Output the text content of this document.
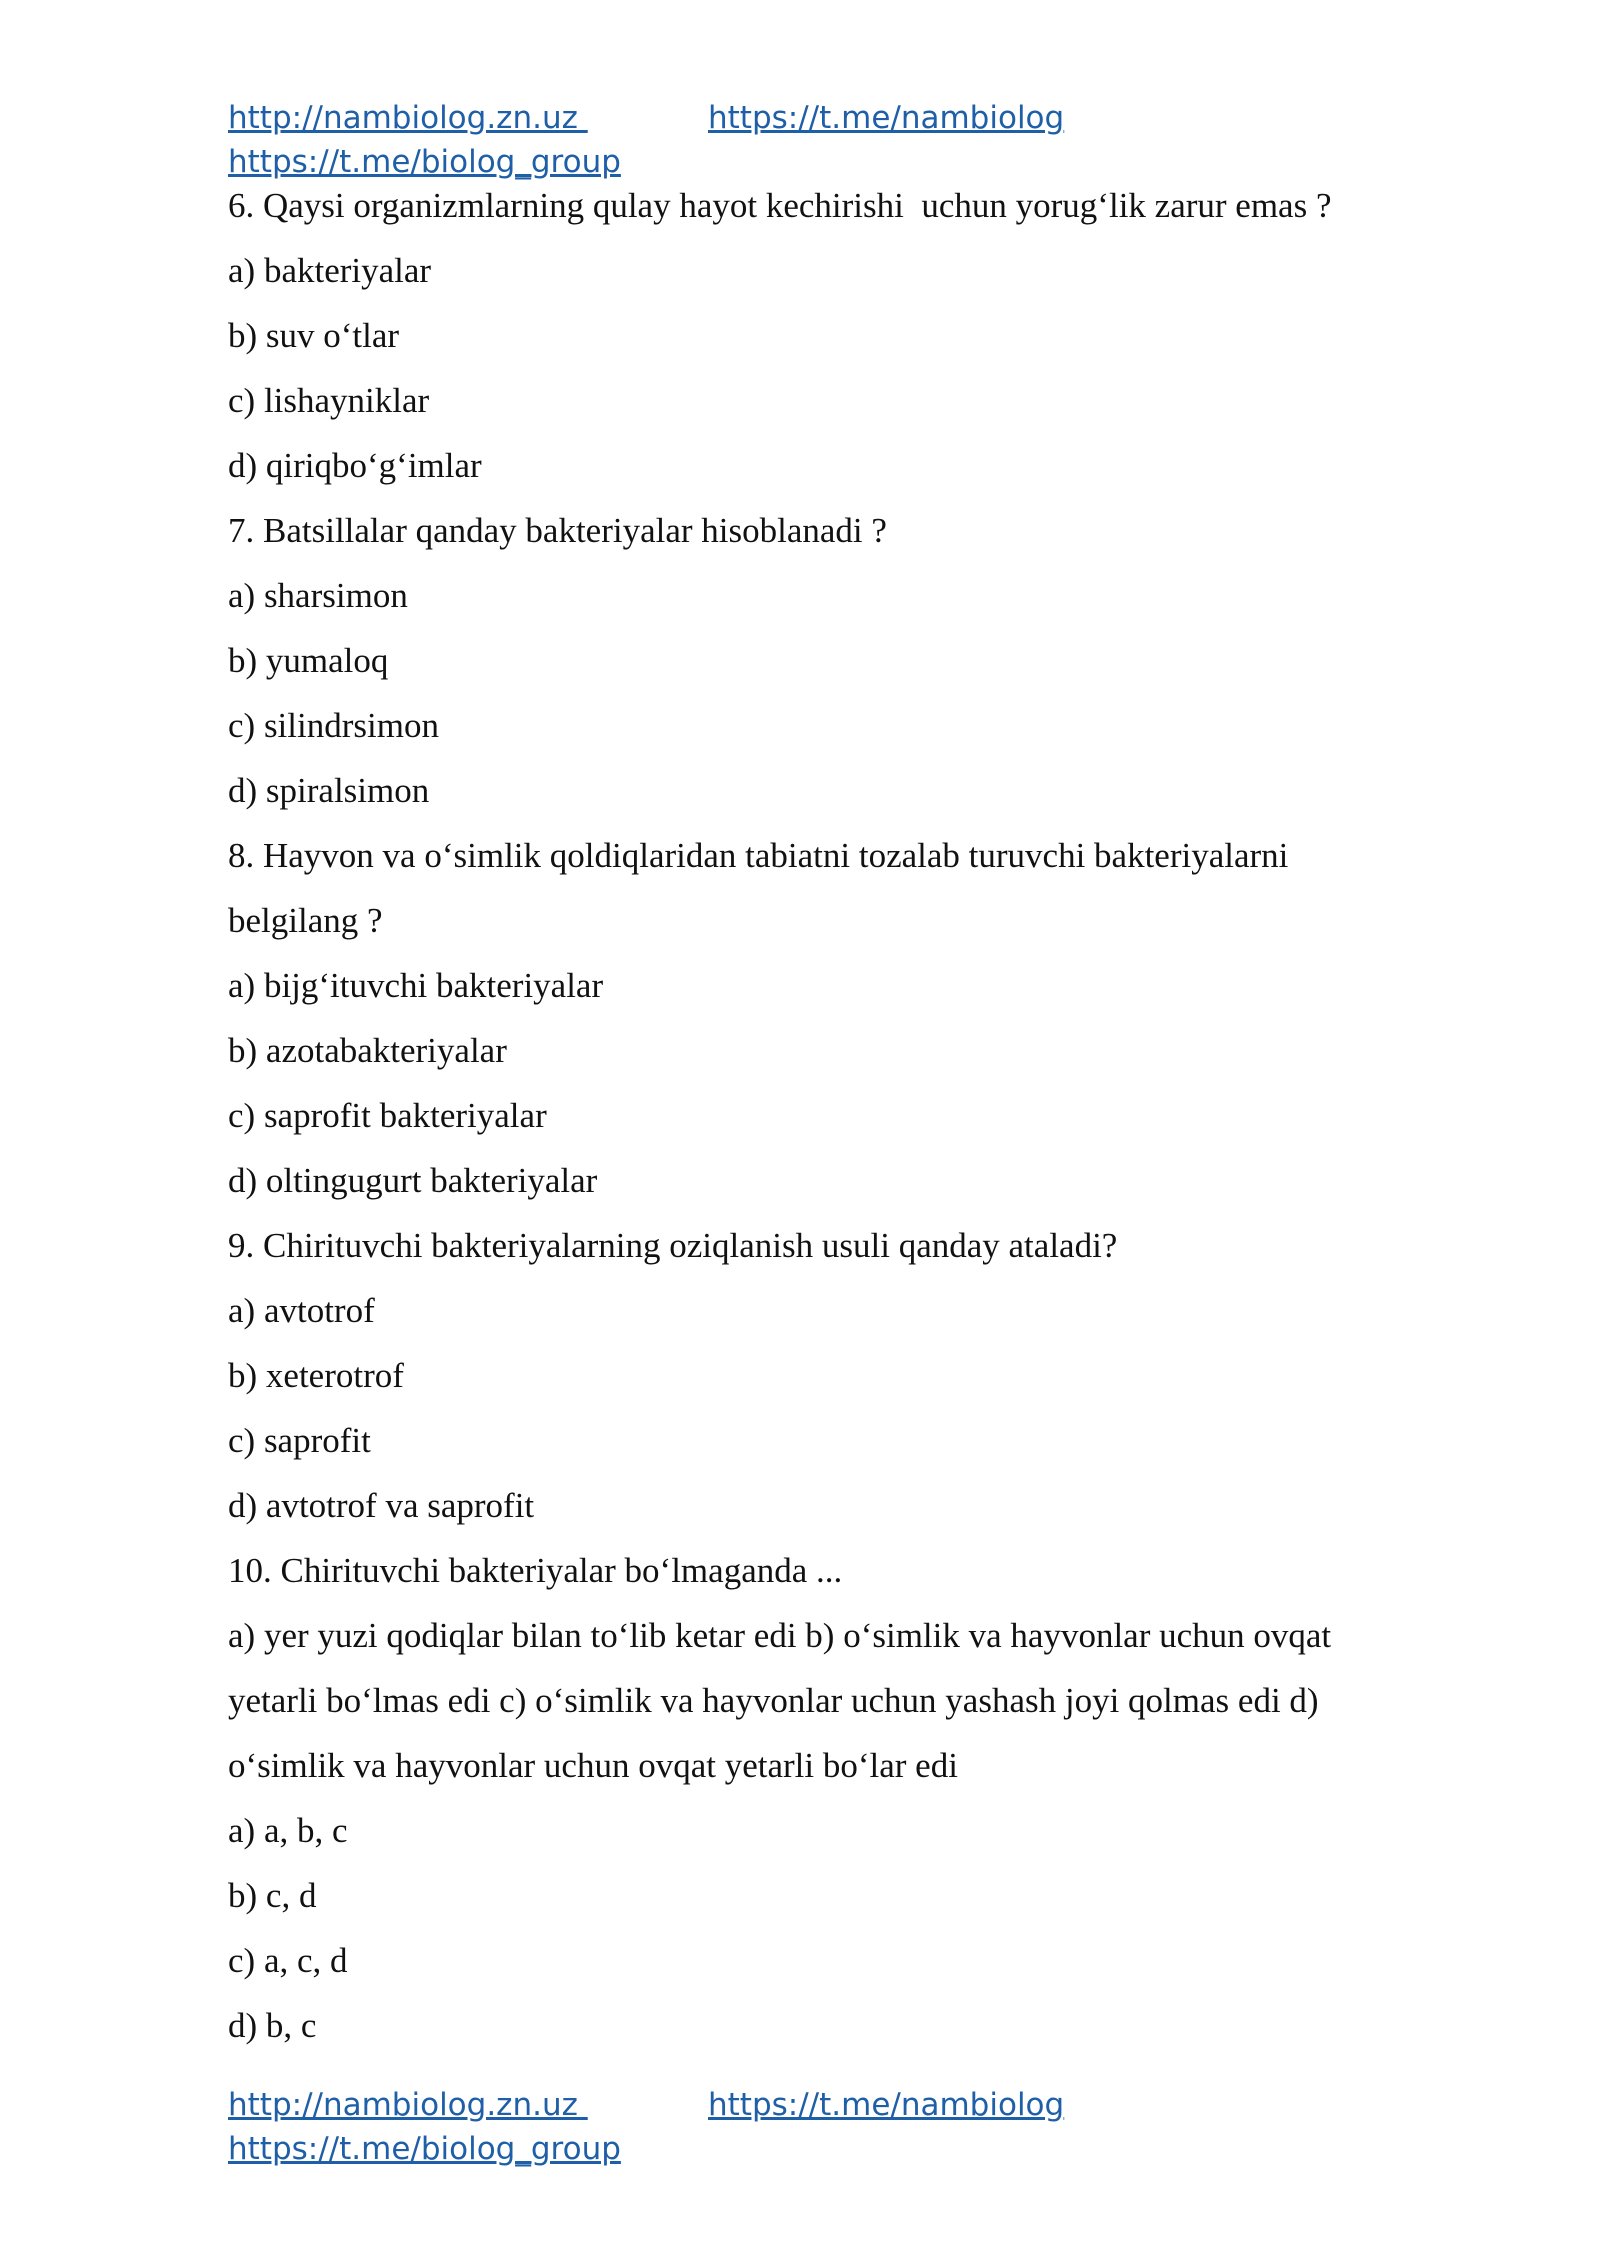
http://nambiolog.zn.uz	https://t.me/nambiolog
https://t.me/biolog_group
6. Qaysi organizmlarning qulay hayot kechirishi  uchun yorug‘lik zarur emas ?
a) bakteriyalar
b) suv o‘tlar
c) lishayniklar
d) qiriqbo‘g‘imlar
7. Batsillalar qanday bakteriyalar hisoblanadi ?
a) sharsimon
b) yumaloq
c) silindrsimon
d) spiralsimon
8. Hayvon va o‘simlik qoldiqlaridan tabiatni tozalab turuvchi bakteriyalarni
belgilang ?
a) bijg‘ituvchi bakteriyalar
b) azotabakteriyalar
c) saprofit bakteriyalar
d) oltingugurt bakteriyalar
9. Chirituvchi bakteriyalarning oziqlanish usuli qanday ataladi?
a) avtotrof
b) xeterotrof
c) saprofit
d) avtotrof va saprofit
10. Chirituvchi bakteriyalar bo‘lmaganda ...
a) yer yuzi qodiqlar bilan to‘lib ketar edi b) o‘simlik va hayvonlar uchun ovqat
yetarli bo‘lmas edi c) o‘simlik va hayvonlar uchun yashash joyi qolmas edi d)
o‘simlik va hayvonlar uchun ovqat yetarli bo‘lar edi
a) a, b, c
b) c, d
c) a, c, d
d) b, c
http://nambiolog.zn.uz	https://t.me/nambiolog
https://t.me/biolog_group
